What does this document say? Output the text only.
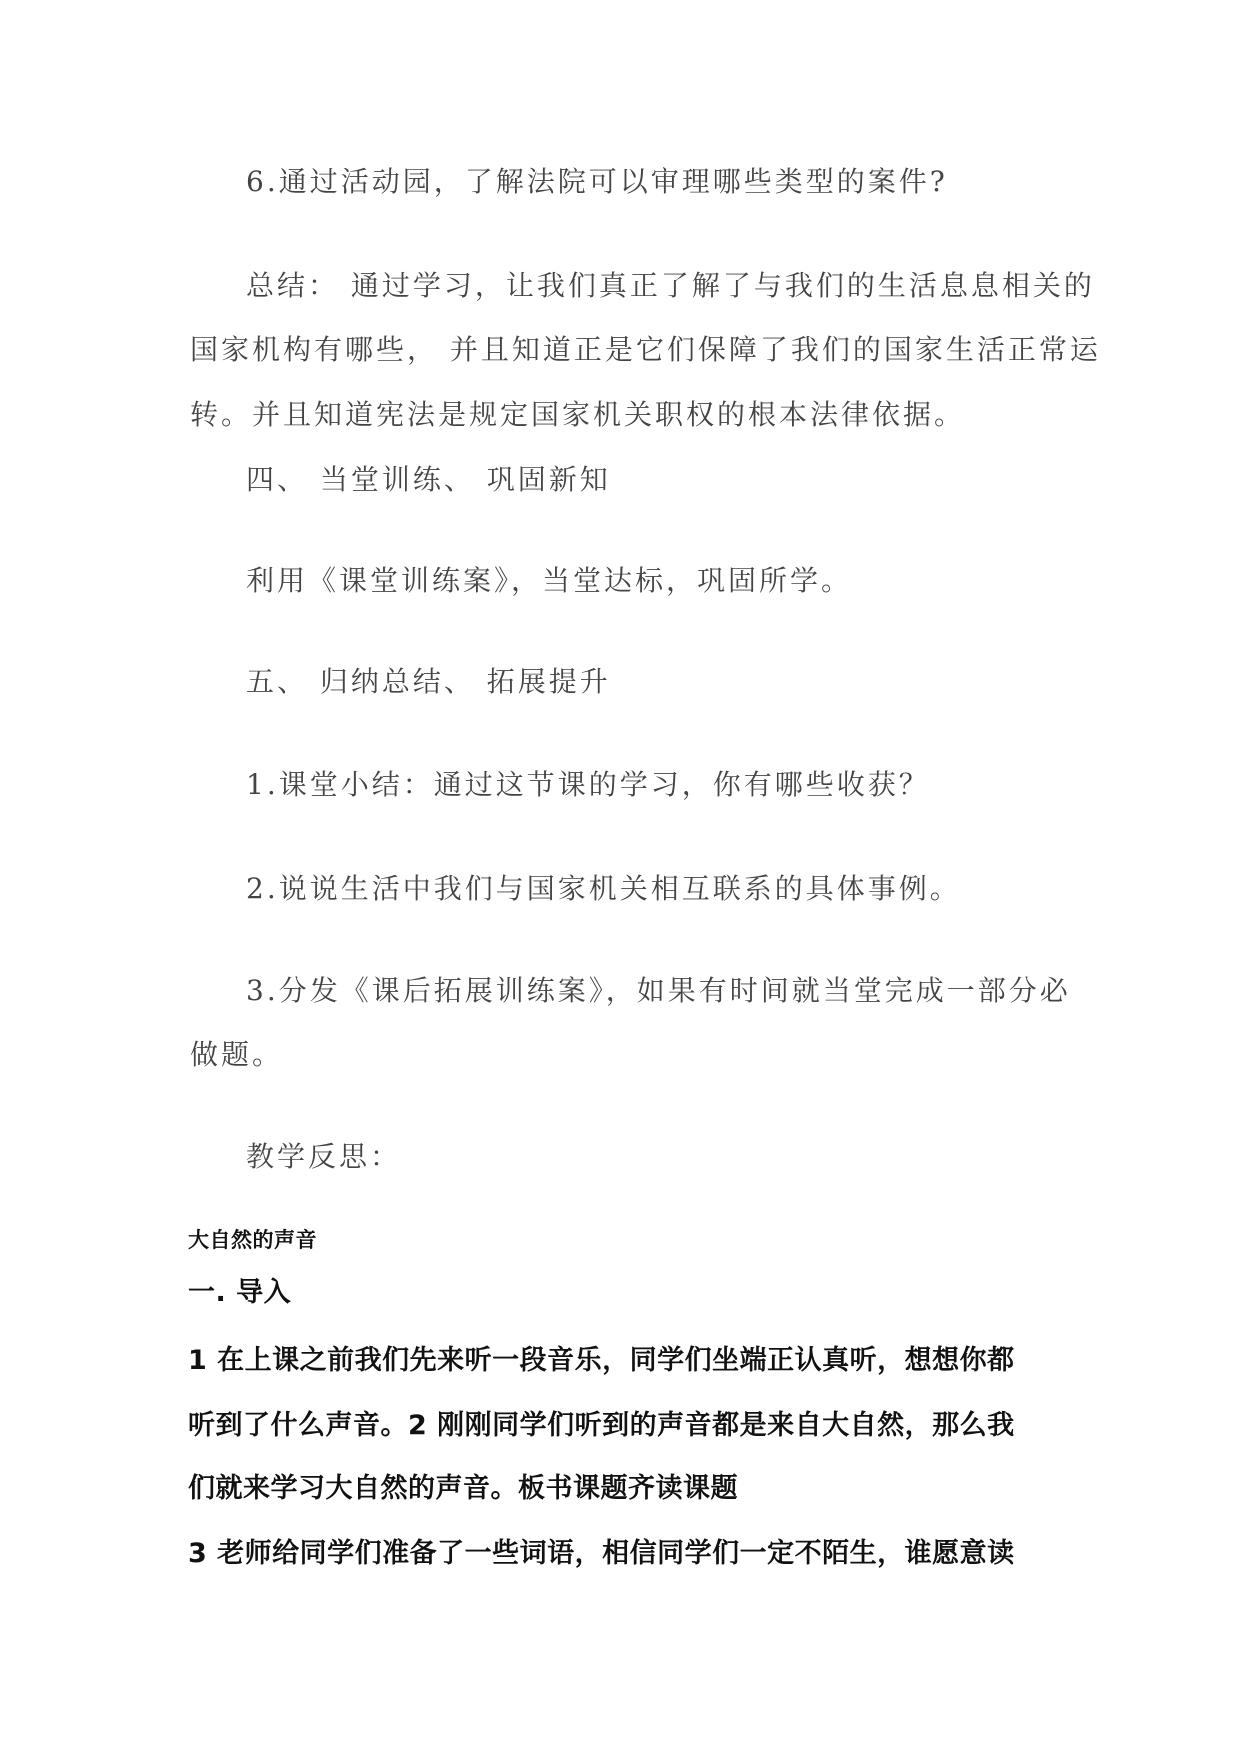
6.通过活动园，了解法院可以审理哪些类型的案件?
总结： 通过学习，让我们真正了解了与我们的生活息息相关的
国家机构有哪些， 并且知道正是它们保障了我们的国家生活正常运
转。并且知道宪法是规定国家机关职权的根本法律依据。
四、 当堂训练、 巩固新知
利用《课堂训练案》，当堂达标，巩固所学。
五、 归纳总结、 拓展提升
1.课堂小结：通过这节课的学习，你有哪些收获？
2.说说生活中我们与国家机关相互联系的具体事例。
3.分发《课后拓展训练案》，如果有时间就当堂完成一部分必
做题。
教学反思：
大自然的声音
一. 导入
1 在上课之前我们先来听一段音乐，同学们坐端正认真听，想想你都
听到了什么声音。2 刚刚同学们听到的声音都是来自大自然，那么我
们就来学习大自然的声音。板书课题齐读课题
3 老师给同学们准备了一些词语，相信同学们一定不陌生，谁愿意读
